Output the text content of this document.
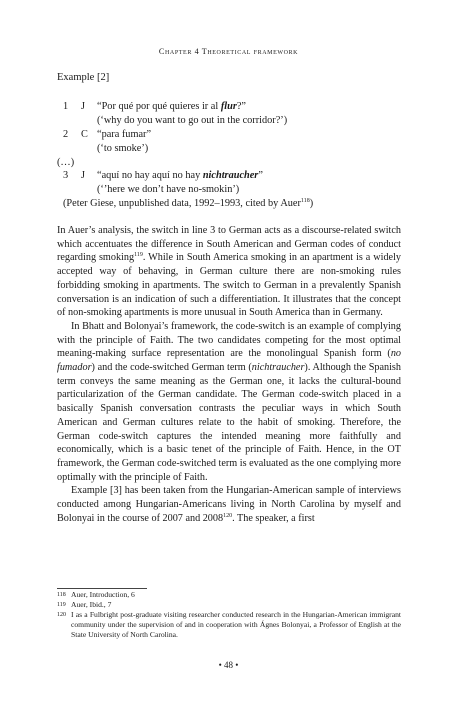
Chapter 4 Theoretical framework
Example [2]
1 J “Por qué por qué quieres ir al flur?”
(‘why do you want to go out in the corridor?’)
2 C “para fumar”
(‘to smoke’)
(…)
3 J “aquí no hay aquí no hay nichtraucher”
(‘’here we don’t have no-smokin’)
(Peter Giese, unpublished data, 1992–1993, cited by Auer$^{118}$)

In Auer’s analysis, the switch in line 3 to German acts as a discourse-related switch which accentuates the difference in South American and German codes of conduct regarding smoking$^{119}$. While in South America smoking in an apartment is a widely accepted way of behaving, in German culture there are non-smoking rules forbidding smoking in apartments. The switch to German in a prevalently Spanish conversation is an indication of such a differentiation. It illustrates that the concept of non-smoking apartments is more unusual in South America than in Germany.

In Bhatt and Bolonyai’s framework, the code-switch is an example of complying with the principle of Faith. The two candidates competing for the most optimal meaning-making surface representation are the monolingual Spanish form (no fumador) and the code-switched German term (nichtraucher). Although the Spanish term conveys the same meaning as the German one, it lacks the cultural-bound particularization of the German candidate. The German code-switch placed in a basically Spanish conversation contrasts the peculiar ways in which South American and German cultures relate to the habit of smoking. Therefore, the German code-switch captures the intended meaning more faithfully and economically, which is a basic tenet of the principle of Faith. Hence, in the OT framework, the German code-switched term is evaluated as the one complying more optimally with the principle of Faith.

Example [3] has been taken from the Hungarian-American sample of interviews conducted among Hungarian-Americans living in North Carolina by myself and Bolonyai in the course of 2007 and 2008$^{120}$. The speaker, a first

118 Auer, Introduction, 6
119 Auer, Ibid., 7
120 I as a Fulbright post-graduate visiting researcher conducted research in the Hungarian-American immigrant community under the supervision of and in cooperation with Ágnes Bolonyai, a Professor of English at the State University of North Carolina.
• 48 •
